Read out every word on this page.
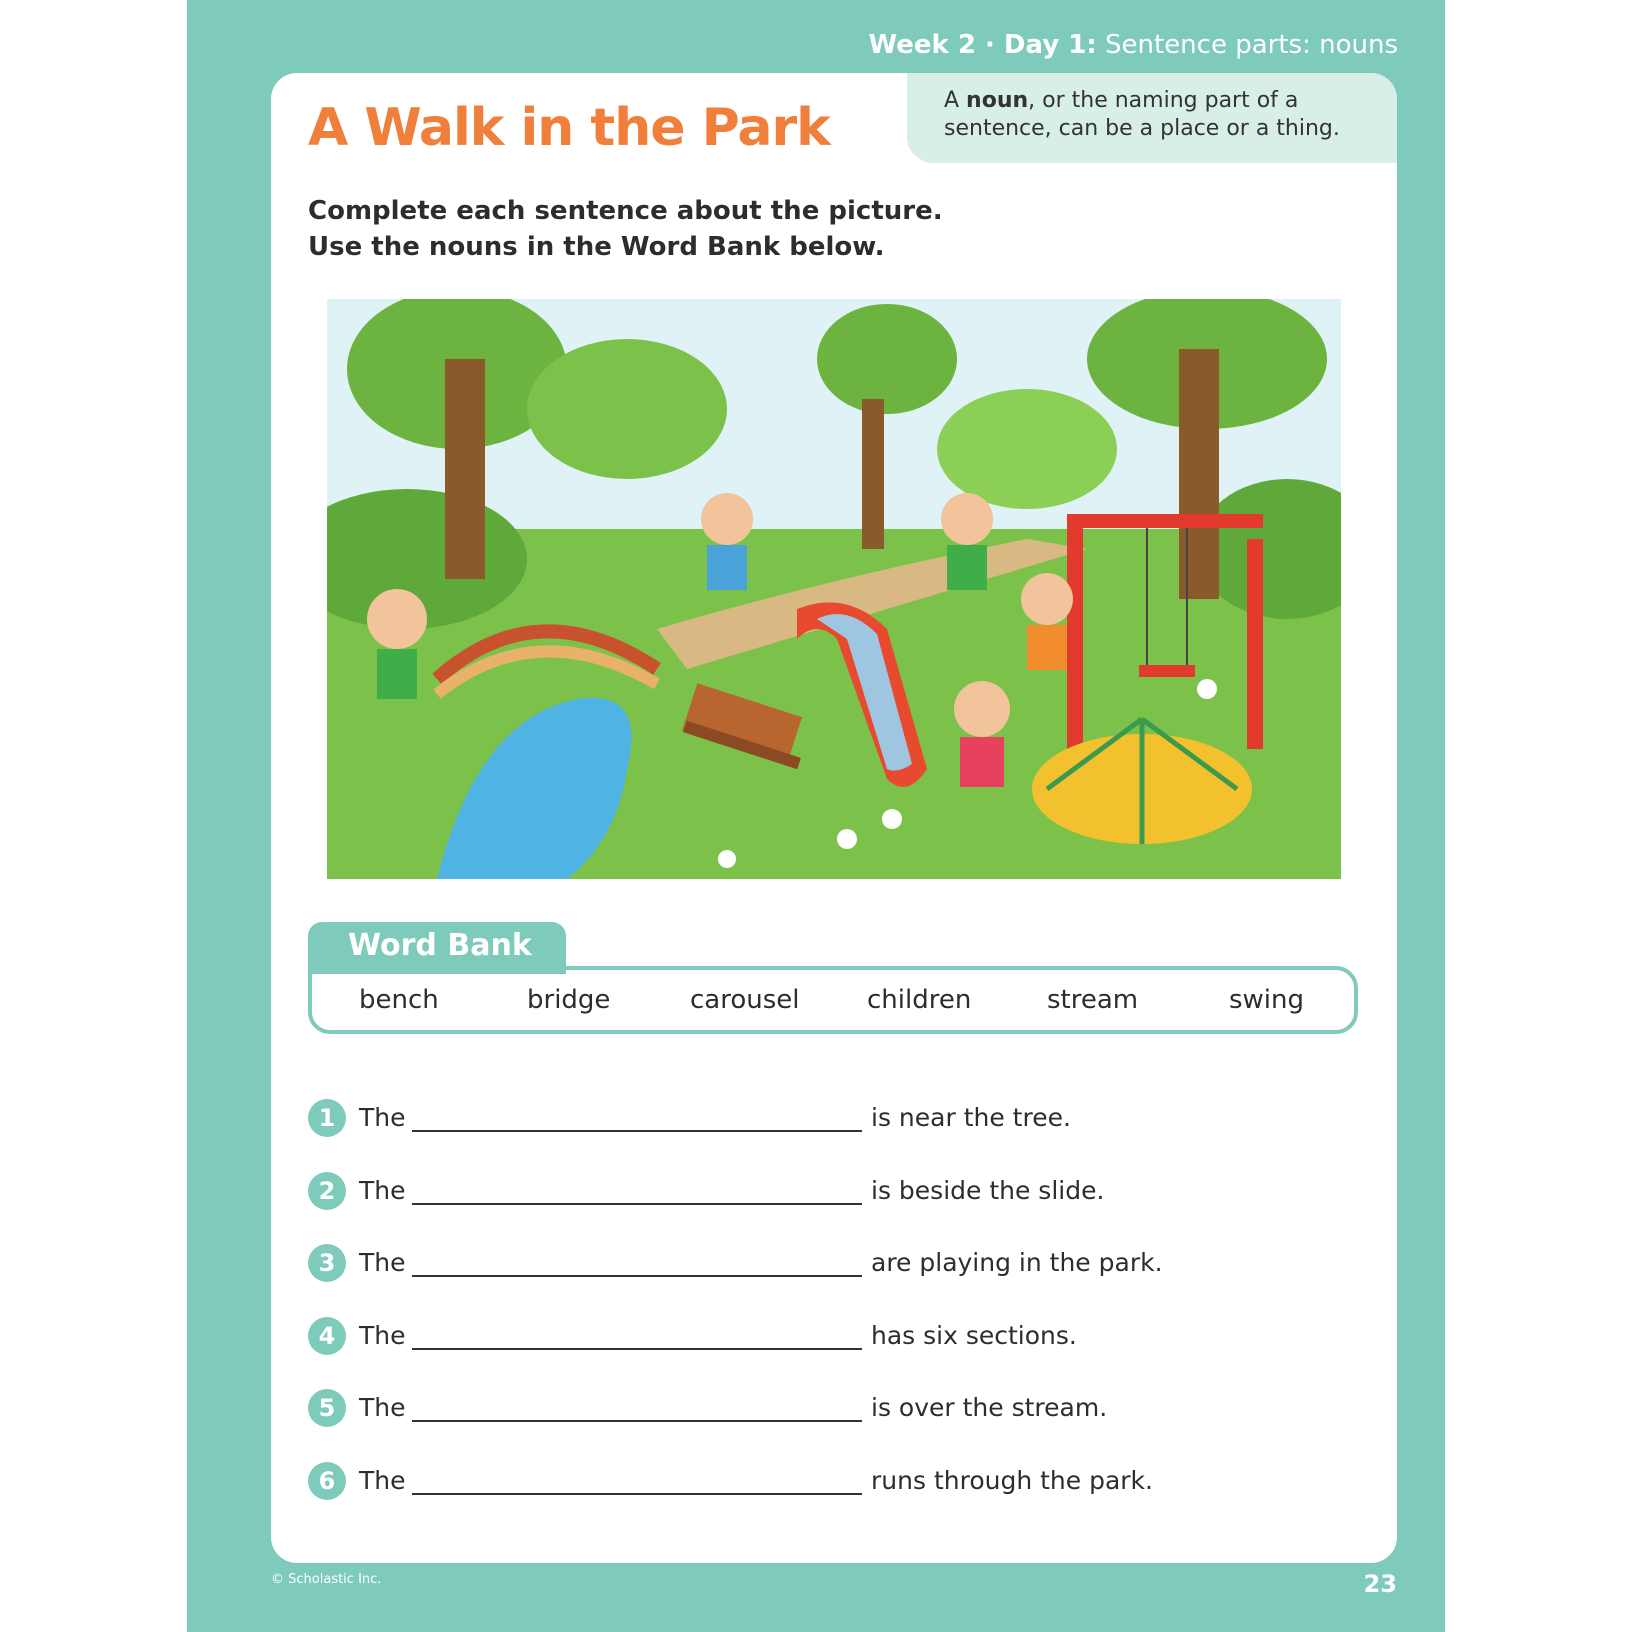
Week 2 · Day 1: Sentence parts: nouns
A Walk in the Park	A noun, or the naming part of a sentence, can be a place or a thing.
Complete each sentence about the picture.
Use the nouns in the Word Bank below.
Word Bank
bench	bridge	carousel	children	stream	swing
1 The	is near the tree.
2 The	is beside the slide.
3 The	are playing in the park.
4 The	has six sections.
5 The	is over the stream.
6 The	runs through the park.
© Scholastic Inc.	23
